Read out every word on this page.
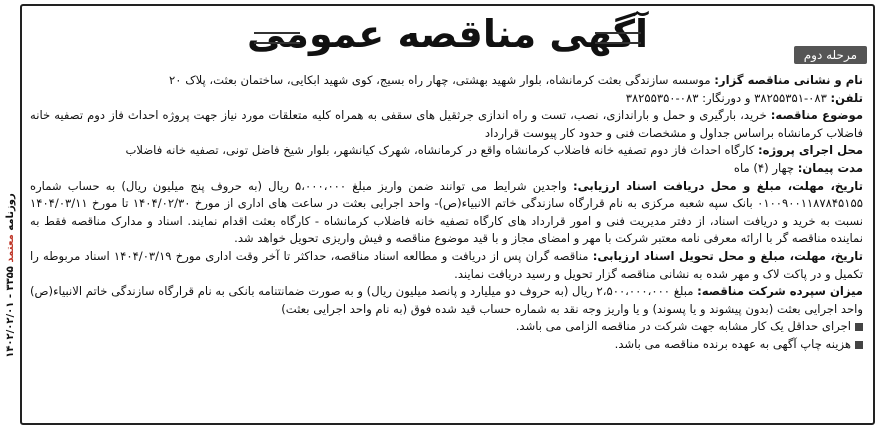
روزنامه معتمد ۳۳۵۵ - ۱۴۰۲/۰۲/۰۱
آگهی مناقصه عمومی	مرحله دوم

نام و نشانی مناقصه گزار: موسسه سازندگی بعثت کرمانشاه، بلوار شهید بهشتی، چهار راه بسیج، کوی شهید ابکایی، ساختمان بعثت، پلاک ۲۰

تلفن: ۰۸۳-۳۸۲۵۵۳۵۱ و دورنگار: ۰۸۳-۳۸۲۵۵۳۵۰

موضوع مناقصه: خرید، بارگیری و حمل و باراندازی، نصب، تست و راه اندازی جرثقیل های سقفی به همراه کلیه متعلقات مورد نیاز جهت پروژه احداث فاز دوم تصفیه خانه فاضلاب کرمانشاه براساس جداول و مشخصات فنی و حدود کار پیوست قرارداد

محل اجرای پروژه: کارگاه احداث فاز دوم تصفیه خانه فاضلاب کرمانشاه واقع در کرمانشاه، شهرک کیانشهر، بلوار شیخ فاضل تونی، تصفیه خانه فاضلاب

مدت پیمان: چهار (۴) ماه

تاریخ، مهلت، مبلغ و محل دریافت اسناد ارزیابی: واجدین شرایط می توانند ضمن واریز مبلغ ۵،۰۰۰،۰۰۰ ریال (به حروف پنج میلیون ریال) به حساب شماره ۰۱۰۰۹۰۰۱۱۸۷۸۴۵۱۵۵ بانک سپه شعبه مرکزی به نام قرارگاه سازندگی خاتم الانبیاء(ص)- واحد اجرایی بعثت در ساعت های اداری از مورخ ۱۴۰۴/۰۲/۳۰ تا مورخ ۱۴۰۴/۰۳/۱۱ نسبت به خرید و دریافت اسناد، از دفتر مدیریت فنی و امور قرارداد های کارگاه تصفیه خانه فاضلاب کرمانشاه - کارگاه بعثت اقدام نمایند. اسناد و مدارک مناقصه فقط به نماینده مناقصه گر با ارائه معرفی نامه معتبر شرکت با مهر و امضای مجاز و با قید موضوع مناقصه و فیش واریزی تحویل خواهد شد.

تاریخ، مهلت، مبلغ و محل تحویل اسناد ارزیابی: مناقصه گران پس از دریافت و مطالعه اسناد مناقصه، حداکثر تا آخر وقت اداری مورخ ۱۴۰۴/۰۳/۱۹ اسناد مربوطه را تکمیل و در پاکت لاک و مهر شده به نشانی مناقصه گزار تحویل و رسید دریافت نمایند.

میزان سپرده شرکت مناقصه: مبلغ ۲،۵۰۰،۰۰۰،۰۰۰ ریال (به حروف دو میلیارد و پانصد میلیون ریال) و به صورت ضمانتنامه بانکی به نام قرارگاه سازندگی خاتم الانبیاء(ص) واحد اجرایی بعثت (بدون پیشوند و یا پسوند) و یا واریز وجه نقد به شماره حساب قید شده فوق (به نام واحد اجرایی بعثت)

اجرای حداقل یک کار مشابه جهت شرکت در مناقصه الزامی می باشد.
هزینه چاپ آگهی به عهده برنده مناقصه می باشد.
